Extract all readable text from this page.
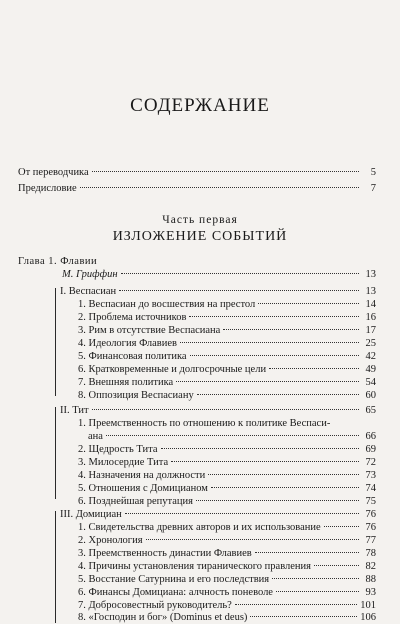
СОДЕРЖАНИЕ
От переводчика	5
Предисловие	7
Часть первая
ИЗЛОЖЕНИЕ СОБЫТИЙ
Глава 1. Флавии
М. Гриффин	13
I. Веспасиан	13
1. Веспасиан до восшествия на престол	14
2. Проблема источников	16
3. Рим в отсутствие Веспасиана	17
4. Идеология Флавиев	25
5. Финансовая политика	42
6. Кратковременные и долгосрочные цели	49
7. Внешняя политика	54
8. Оппозиция Веспасиану	60
II. Тит	65
1. Преемственность по отношению к политике Веспаси-
ана	66
2. Щедрость Тита	69
3. Милосердие Тита	72
4. Назначения на должности	73
5. Отношения с Домицианом	74
6. Позднейшая репутация	75
III. Домициан	76
1. Свидетельства древних авторов и их использование	76
2. Хронология	77
3. Преемственность династии Флавиев	78
4. Причины установления тиранического правления	82
5. Восстание Сатурнина и его последствия	88
6. Финансы Домициана: алчность поневоле	93
7. Добросовестный руководитель?	101
8. «Господин и бог» (Dominus et deus)	106
